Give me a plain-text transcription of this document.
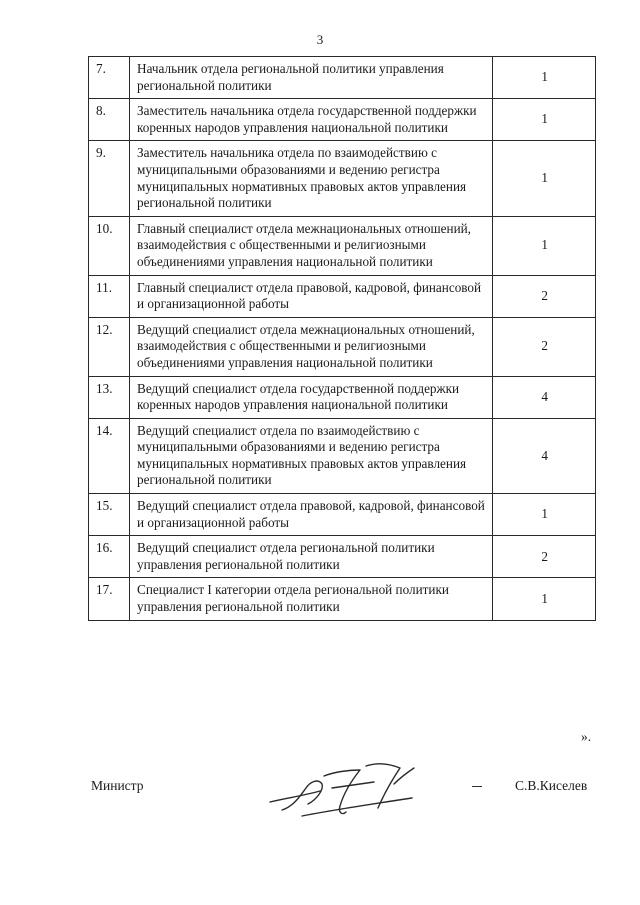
3
7.	Начальник отдела региональной политики управления региональной политики	1
8.	Заместитель начальника отдела государственной поддержки коренных народов управления национальной политики	1
9.	Заместитель начальника отдела по взаимодействию с муниципальными образованиями и ведению регистра муниципальных нормативных правовых актов управления региональной политики	1
10.	Главный специалист отдела межнациональных отношений, взаимодействия с общественными и религиозными объединениями управления национальной политики	1
11.	Главный специалист отдела правовой, кадровой, финансовой и организационной работы	2
12.	Ведущий специалист отдела межнациональных отношений, взаимодействия с общественными и религиозными объединениями управления национальной политики	2
13.	Ведущий специалист отдела государственной поддержки коренных народов управления национальной политики	4
14.	Ведущий специалист отдела по взаимодействию с муниципальными образованиями и ведению регистра муниципальных нормативных правовых актов управления региональной политики	4
15.	Ведущий специалист отдела правовой, кадровой, финансовой и организационной работы	1
16.	Ведущий специалист отдела региональной политики управления региональной политики	2
17.	Специалист I категории отдела региональной политики управления региональной политики	1
».
Министр	С.В.Киселев
